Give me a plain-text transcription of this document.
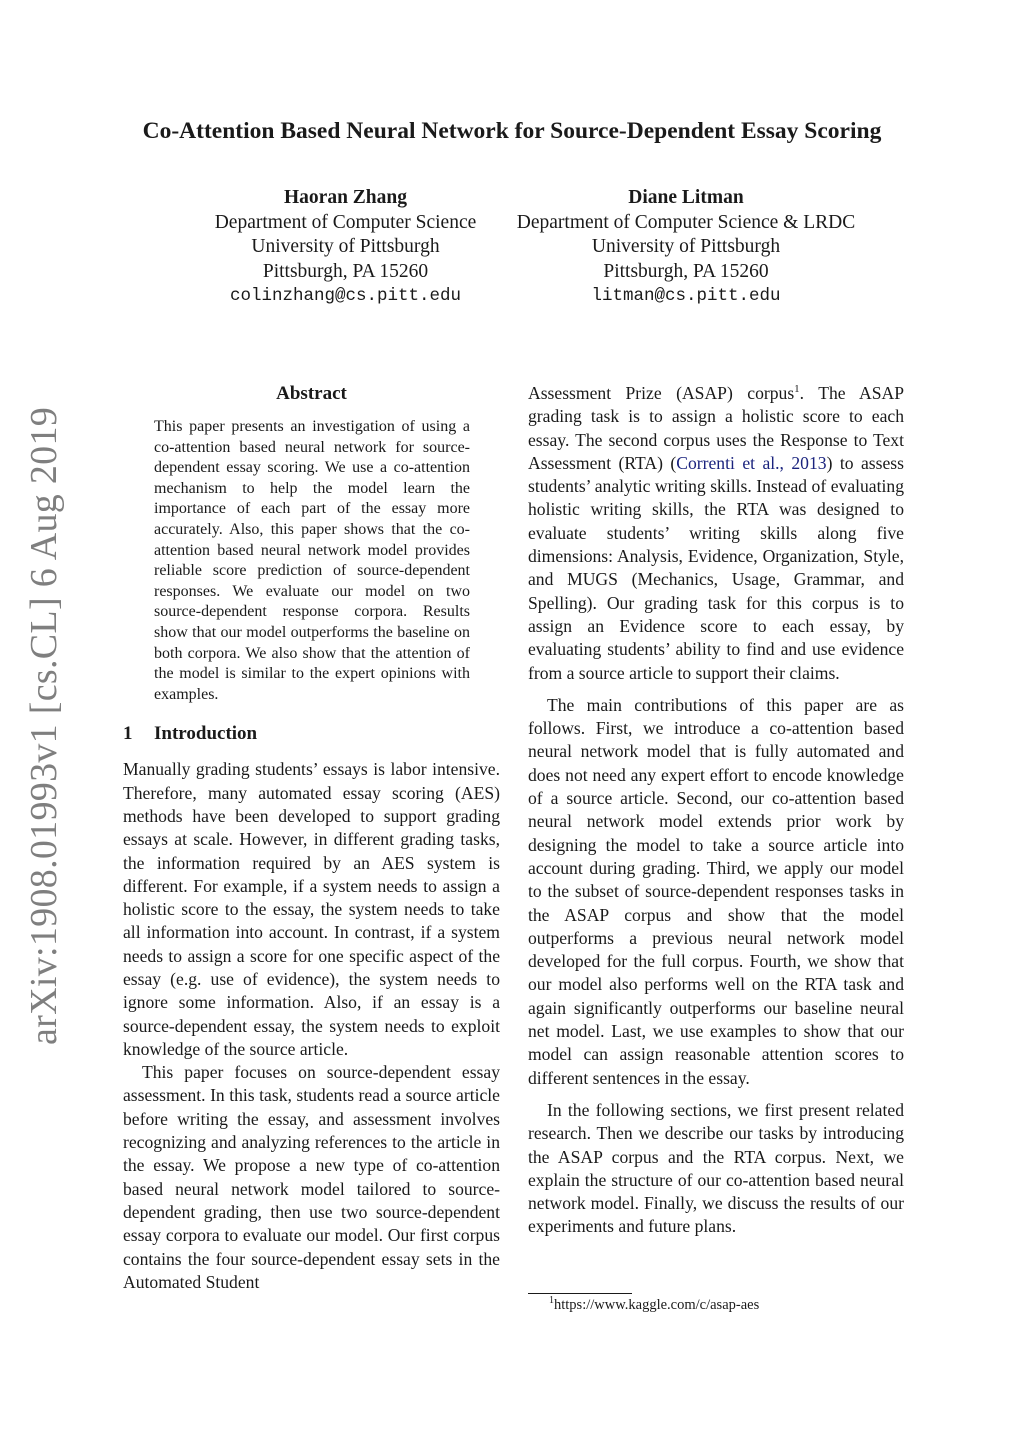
arXiv:1908.01993v1 [cs.CL] 6 Aug 2019
Co-Attention Based Neural Network for Source-Dependent Essay Scoring
Haoran Zhang
Department of Computer Science
University of Pittsburgh
Pittsburgh, PA 15260
colinzhang@cs.pitt.edu
Diane Litman
Department of Computer Science & LRDC
University of Pittsburgh
Pittsburgh, PA 15260
litman@cs.pitt.edu
Abstract

This paper presents an investigation of using a co-attention based neural network for source-dependent essay scoring. We use a co-attention mechanism to help the model learn the importance of each part of the essay more accurately. Also, this paper shows that the co-attention based neural network model provides reliable score prediction of source-dependent responses. We evaluate our model on two source-dependent response corpora. Results show that our model outperforms the baseline on both corpora. We also show that the attention of the model is similar to the expert opinions with examples.

1 Introduction

Manually grading students’ essays is labor intensive. Therefore, many automated essay scoring (AES) methods have been developed to support grading essays at scale. However, in different grading tasks, the information required by an AES system is different. For example, if a system needs to assign a holistic score to the essay, the system needs to take all information into account. In contrast, if a system needs to assign a score for one specific aspect of the essay (e.g. use of evidence), the system needs to ignore some information. Also, if an essay is a source-dependent essay, the system needs to exploit knowledge of the source article.

This paper focuses on source-dependent essay assessment. In this task, students read a source article before writing the essay, and assessment involves recognizing and analyzing references to the article in the essay. We propose a new type of co-attention based neural network model tailored to source-dependent grading, then use two source-dependent essay corpora to evaluate our model. Our first corpus contains the four source-dependent essay sets in the Automated Student

Assessment Prize (ASAP) corpus$^1$. The ASAP grading task is to assign a holistic score to each essay. The second corpus uses the Response to Text Assessment (RTA) (Correnti et al., 2013) to assess students’ analytic writing skills. Instead of evaluating holistic writing skills, the RTA was designed to evaluate students’ writing skills along five dimensions: Analysis, Evidence, Organization, Style, and MUGS (Mechanics, Usage, Grammar, and Spelling). Our grading task for this corpus is to assign an Evidence score to each essay, by evaluating students’ ability to find and use evidence from a source article to support their claims.

The main contributions of this paper are as follows. First, we introduce a co-attention based neural network model that is fully automated and does not need any expert effort to encode knowledge of a source article. Second, our co-attention based neural network model extends prior work by designing the model to take a source article into account during grading. Third, we apply our model to the subset of source-dependent responses tasks in the ASAP corpus and show that the model outperforms a previous neural network model developed for the full corpus. Fourth, we show that our model also performs well on the RTA task and again significantly outperforms our baseline neural net model. Last, we use examples to show that our model can assign reasonable attention scores to different sentences in the essay.

In the following sections, we first present related research. Then we describe our tasks by introducing the ASAP corpus and the RTA corpus. Next, we explain the structure of our co-attention based neural network model. Finally, we discuss the results of our experiments and future plans.

$^1$https://www.kaggle.com/c/asap-aes
